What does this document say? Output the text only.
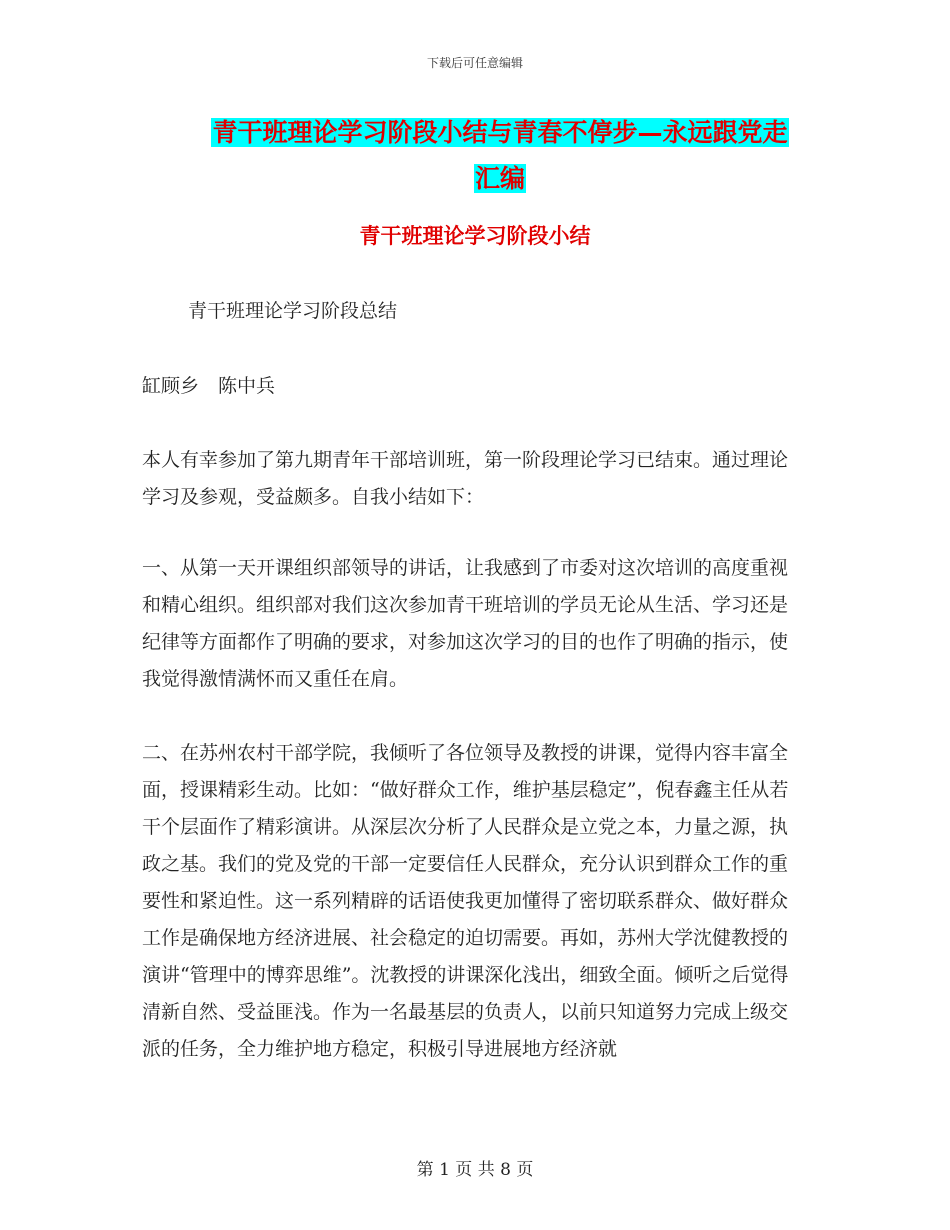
下载后可任意编辑
青干班理论学习阶段小结与青春不停步—永远跟党走
汇编
青干班理论学习阶段小结
青干班理论学习阶段总结
缸顾乡　陈中兵

本人有幸参加了第九期青年干部培训班，第一阶段理论学习已结束。通过理论学习及参观，受益颇多。自我小结如下：

一、从第一天开课组织部领导的讲话，让我感到了市委对这次培训的高度重视和精心组织。组织部对我们这次参加青干班培训的学员无论从生活、学习还是纪律等方面都作了明确的要求，对参加这次学习的目的也作了明确的指示，使我觉得激情满怀而又重任在肩。

二、在苏州农村干部学院，我倾听了各位领导及教授的讲课，觉得内容丰富全面，授课精彩生动。比如：“做好群众工作，维护基层稳定”，倪春鑫主任从若干个层面作了精彩演讲。从深层次分析了人民群众是立党之本，力量之源，执政之基。我们的党及党的干部一定要信任人民群众，充分认识到群众工作的重要性和紧迫性。这一系列精辟的话语使我更加懂得了密切联系群众、做好群众工作是确保地方经济进展、社会稳定的迫切需要。再如，苏州大学沈健教授的演讲“管理中的博弈思维”。沈教授的讲课深化浅出，细致全面。倾听之后觉得清新自然、受益匪浅。作为一名最基层的负责人，以前只知道努力完成上级交派的任务，全力维护地方稳定，积极引导进展地方经济就

第 1 页 共 8 页
